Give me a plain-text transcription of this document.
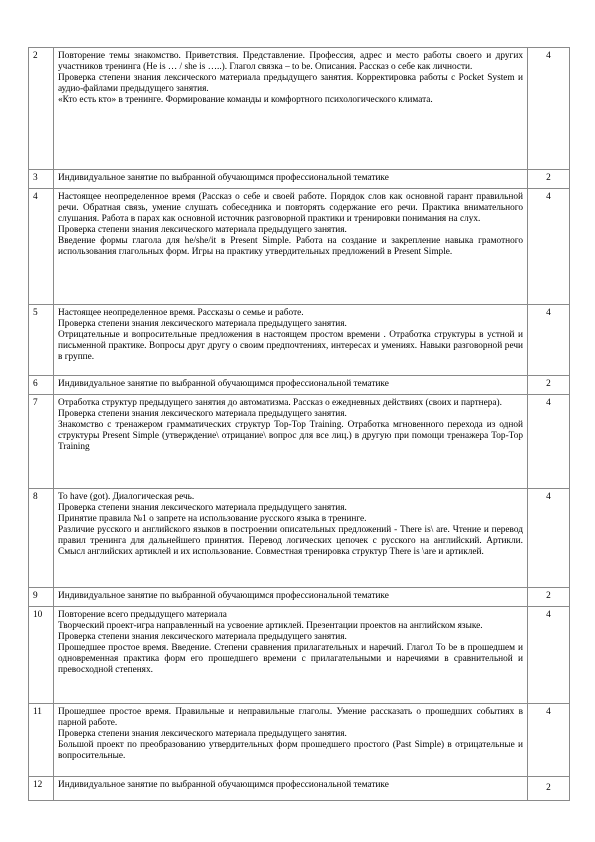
2	Повторение темы знакомство. Приветствия. Представление. Профессия, адрес и место работы своего и других участников тренинга (He is … / she is …..). Глагол связка – to be. Описания. Рассказ о себе как личности.
Проверка степени знания лексического материала предыдущего занятия. Корректировка работы с Pocket System и аудио-файлами предыдущего занятия.
«Кто есть кто» в тренинге. Формирование команды и комфортного психологического климата.	4
3	Индивидуальное занятие по выбранной обучающимся профессиональной тематике	2
4	Настоящее неопределенное время (Рассказ о себе и своей работе. Порядок слов как основной гарант правильной речи. Обратная связь, умение слушать собеседника и повторять содержание его речи. Практика внимательного слушания. Работа в парах как основной источник разговорной практики и тренировки понимания на слух.
Проверка степени знания лексического материала предыдущего занятия.
Введение формы глагола для he/she/it в Present Simple. Работа на создание и закрепление навыка грамотного использования глагольных форм. Игры на практику утвердительных предложений в Present Simple.	4
5	Настоящее неопределенное время. Рассказы о семье и работе.
Проверка степени знания лексического материала предыдущего занятия.
Отрицательные и вопросительные предложения в настоящем простом времени . Отработка структуры в устной и письменной практике. Вопросы друг другу о своим предпочтениях, интересах и умениях. Навыки разговорной речи в группе.	4
6	Индивидуальное занятие по выбранной обучающимся профессиональной тематике	2
7	Отработка структур предыдущего занятия до автоматизма. Рассказ о ежедневных действиях (своих и партнера).
Проверка степени знания лексического материала предыдущего занятия.
Знакомство с тренажером грамматических структур Top-Top Training. Отработка мгновенного перехода из одной структуры Present Simple (утверждение\ отрицание\ вопрос для все лиц.) в другую при помощи тренажера Top-Top Training	4
8	To have (got). Диалогическая речь.
Проверка степени знания лексического материала предыдущего занятия.
Принятие правила №1 о запрете на использование русского языка в тренинге.
Различие русского и английского языков в построении описательных предложений - There is\ are. Чтение и перевод правил тренинга для дальнейшего принятия. Перевод логических цепочек с русского на английский. Артикли. Смысл английских артиклей и их использование. Совместная тренировка структур There is \are и артиклей.	4
9	Индивидуальное занятие по выбранной обучающимся профессиональной тематике	2
10	Повторение всего предыдущего материала
Творческий проект-игра направленный на усвоение артиклей. Презентации проектов на английском языке.
Проверка степени знания лексического материала предыдущего занятия.
Прошедшее простое время. Введение. Степени сравнения прилагательных и наречий. Глагол To be в прошедшем и одновременная практика форм его прошедшего времени с прилагательными и наречиями в сравнительной и превосходной степенях.	4
11	Прошедшее простое время. Правильные и неправильные глаголы. Умение рассказать о прошедших событиях в парной работе.
Проверка степени знания лексического материала предыдущего занятия.
Большой проект по преобразованию утвердительных форм прошедшего простого (Past Simple) в отрицательные и вопросительные.	4
12	Индивидуальное занятие по выбранной обучающимся профессиональной тематике	2
